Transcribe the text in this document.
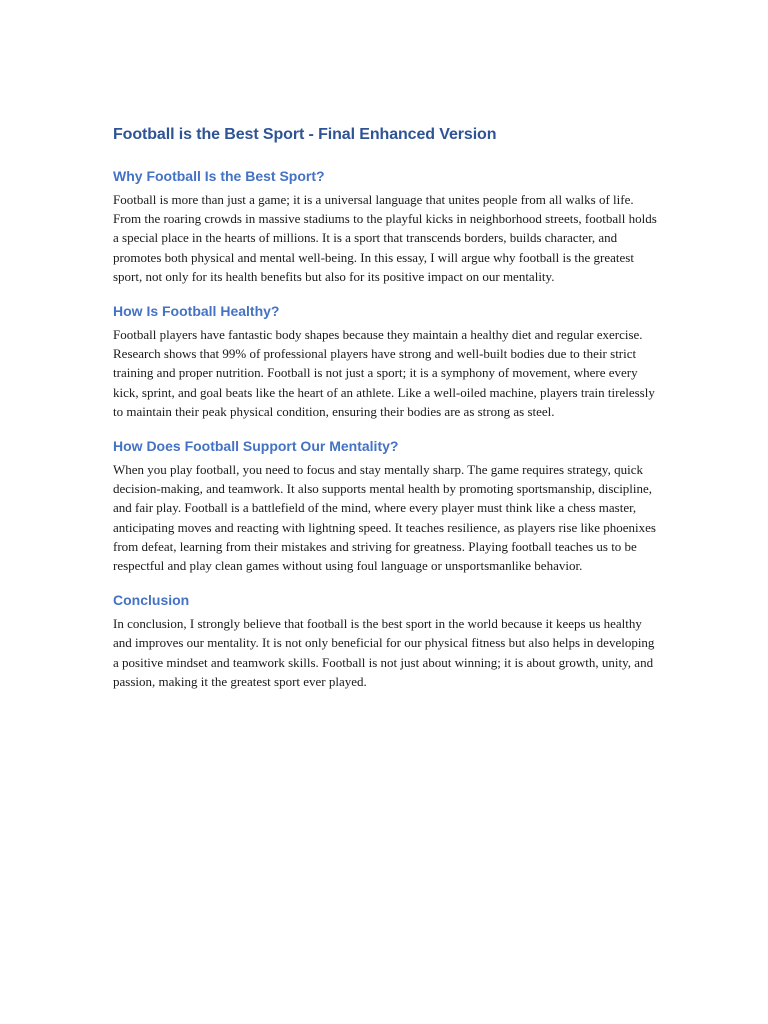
Football is the Best Sport - Final Enhanced Version
Why Football Is the Best Sport?

Football is more than just a game; it is a universal language that unites people from all walks of life. From the roaring crowds in massive stadiums to the playful kicks in neighborhood streets, football holds a special place in the hearts of millions. It is a sport that transcends borders, builds character, and promotes both physical and mental well-being. In this essay, I will argue why football is the greatest sport, not only for its health benefits but also for its positive impact on our mentality.

How Is Football Healthy?

Football players have fantastic body shapes because they maintain a healthy diet and regular exercise. Research shows that 99% of professional players have strong and well-built bodies due to their strict training and proper nutrition. Football is not just a sport; it is a symphony of movement, where every kick, sprint, and goal beats like the heart of an athlete. Like a well-oiled machine, players train tirelessly to maintain their peak physical condition, ensuring their bodies are as strong as steel.

How Does Football Support Our Mentality?

When you play football, you need to focus and stay mentally sharp. The game requires strategy, quick decision-making, and teamwork. It also supports mental health by promoting sportsmanship, discipline, and fair play. Football is a battlefield of the mind, where every player must think like a chess master, anticipating moves and reacting with lightning speed. It teaches resilience, as players rise like phoenixes from defeat, learning from their mistakes and striving for greatness. Playing football teaches us to be respectful and play clean games without using foul language or unsportsmanlike behavior.

Conclusion

In conclusion, I strongly believe that football is the best sport in the world because it keeps us healthy and improves our mentality. It is not only beneficial for our physical fitness but also helps in developing a positive mindset and teamwork skills. Football is not just about winning; it is about growth, unity, and passion, making it the greatest sport ever played.
